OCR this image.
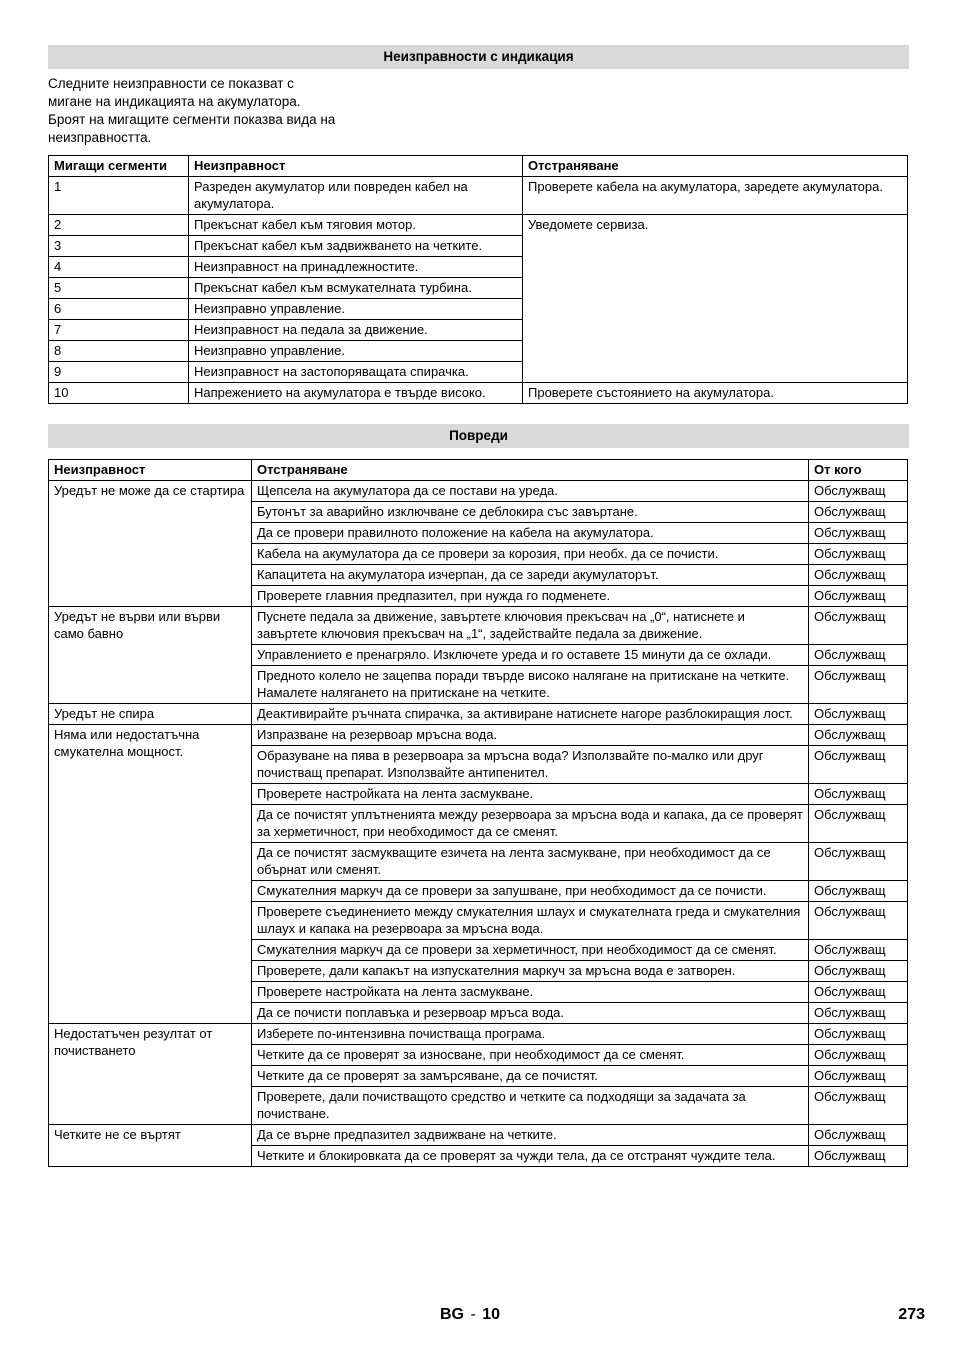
Неизправности с индикация
Следните неизправности се показват с мигане на индикацията на акумулатора. Броят на мигащите сегменти показва вида на неизправността.
Мигащи сегменти	Неизправност	Отстраняване
1	Разреден акумулатор или повреден кабел на акумулатора.	Проверете кабела на акумулатора, заредете акумулатора.
2	Прекъснат кабел към тяговия мотор.	Уведомете сервиза.
3	Прекъснат кабел към задвижването на четките.	
4	Неизправност на принадлежностите.	
5	Прекъснат кабел към всмукателната турбина.	
6	Неизправно управление.	
7	Неизправност на педала за движение.	
8	Неизправно управление.	
9	Неизправност на застопоряващата спирачка.	
10	Напрежението на акумулатора е твърде високо.	Проверете състоянието на акумулатора.
Повреди
Неизправност	Отстраняване	От кого
Уредът не може да се стартира	Щепсела на акумулатора да се постави на уреда.	Обслужващ
	Бутонът за аварийно изключване се деблокира със завъртане.	Обслужващ
	Да се провери правилното положение на кабела на акумулатора.	Обслужващ
	Кабела на акумулатора да се провери за корозия, при необх. да се почисти.	Обслужващ
	Капацитета на акумулатора изчерпан, да се зареди акумулаторът.	Обслужващ
	Проверете главния предпазител, при нужда го подменете.	Обслужващ
Уредът не върви или върви само бавно	Пуснете педала за движение, завъртете ключовия прекъсвач на „0“, натиснете и завъртете ключовия прекъсвач на „1“, задействайте педала за движение.	Обслужващ
	Управлението е пренагряло. Изключете уреда и го оставете 15 минути да се охлади.	Обслужващ
	Предното колело не зацепва поради твърде високо налягане на притискане на четките. Намалете налягането на притискане на четките.	Обслужващ
Уредът не спира	Деактивирайте ръчната спирачка, за активиране натиснете нагоре разблокиращия лост.	Обслужващ
Няма или недостатъчна смукателна мощност.	Изпразване на резервоар мръсна вода.	Обслужващ
	Образуване на пява в резервоара за мръсна вода? Използвайте по-малко или друг почистващ препарат. Използвайте антипенител.	Обслужващ
	Проверете настройката на лента засмукване.	Обслужващ
	Да се почистят уплътненията между резервоара за мръсна вода и капака, да се проверят за херметичност, при необходимост да се сменят.	Обслужващ
	Да се почистят засмукващите езичета на лента засмукване, при необходимост да се обърнат или сменят.	Обслужващ
	Смукателния маркуч да се провери за запушване, при необходимост да се почисти.	Обслужващ
	Проверете съединението между смукателния шлаух и смукателната греда и смукателния шлаух и капака на резервоара за мръсна вода.	Обслужващ
	Смукателния маркуч да се провери за херметичност, при необходимост да се сменят.	Обслужващ
	Проверете, дали капакът на изпускателния маркуч за мръсна вода е затворен.	Обслужващ
	Проверете настройката на лента засмукване.	Обслужващ
	Да се почисти поплавъка и резервоар мръса вода.	Обслужващ
Недостатъчен резултат от почистването	Изберете по-интензивна почистваща програма.	Обслужващ
	Четките да се проверят за износване, при необходимост да се сменят.	Обслужващ
	Четките да се проверят за замърсяване, да се почистят.	Обслужващ
	Проверете, дали почистващото средство и четките са подходящи за задачата за почистване.	Обслужващ
Четките не се въртят	Да се върне предпазител задвижване на четките.	Обслужващ
	Четките и блокировката да се проверят за чужди тела, да се отстранят чуждите тела.	Обслужващ
BG - 10	273
